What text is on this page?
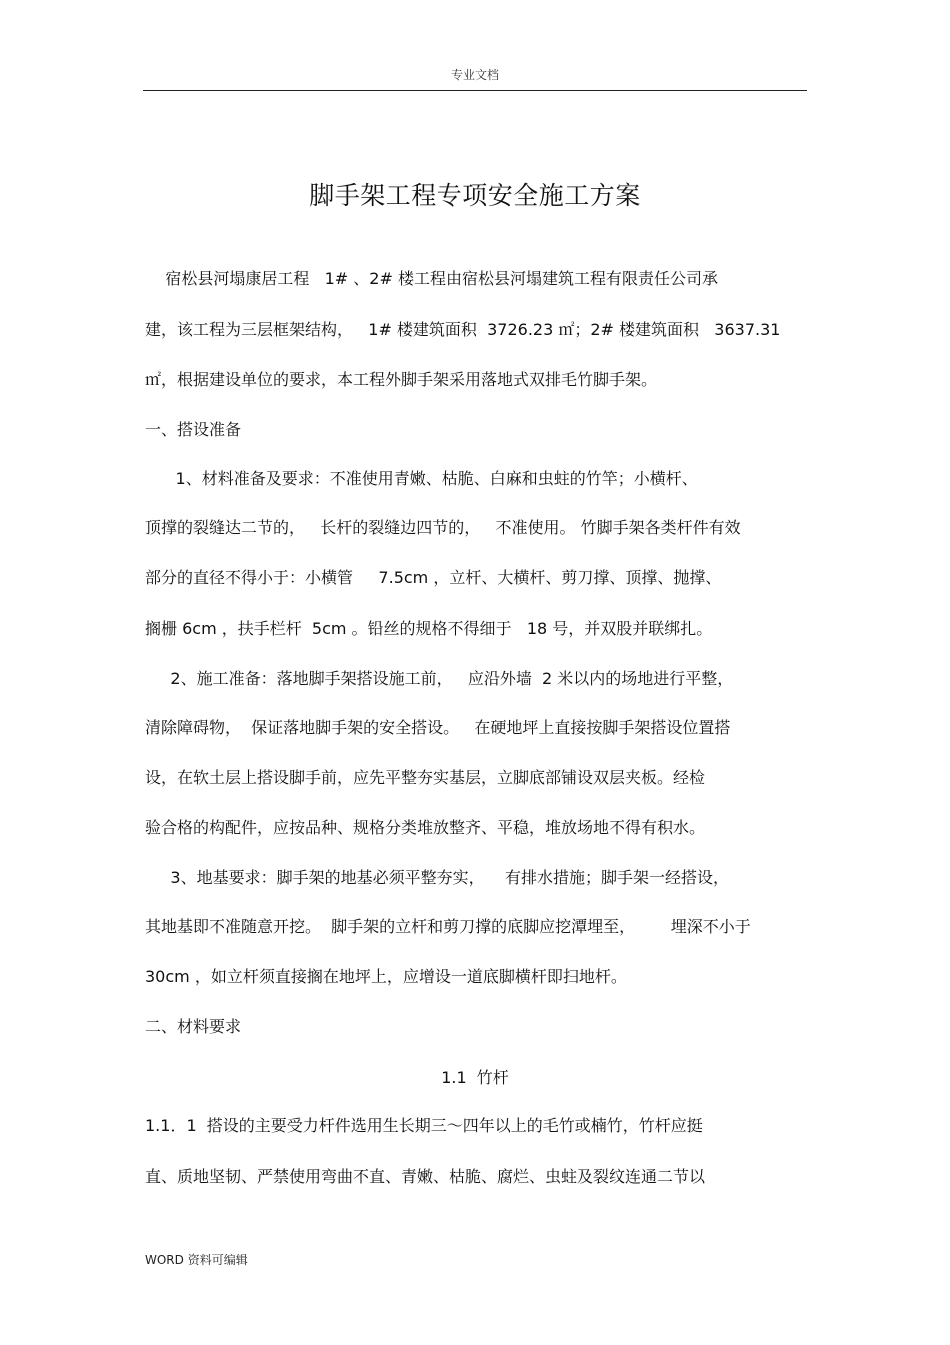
专业文档
脚手架工程专项安全施工方案
宿松县河塌康居工程   1# 、2# 楼工程由宿松县河塌建筑工程有限责任公司承
建，该工程为三层框架结构，   1# 楼建筑面积  3726.23 ㎡；2# 楼建筑面积   3637.31
㎡，根据建设单位的要求，本工程外脚手架采用落地式双排毛竹脚手架。
一、搭设准备
1、材料准备及要求：不准使用青嫩、枯脆、白麻和虫蛀的竹竿；小横杆、
顶撑的裂缝达二节的，   长杆的裂缝边四节的，   不准使用。 竹脚手架各类杆件有效
部分的直径不得小于：小横管     7.5cm ，立杆、大横杆、剪刀撑、顶撑、抛撑、
搁栅 6cm ，扶手栏杆  5cm 。铅丝的规格不得细于   18 号，并双股并联绑扎。
2、施工准备：落地脚手架搭设施工前，   应沿外墙  2 米以内的场地进行平整，
清除障碍物，  保证落地脚手架的安全搭设。   在硬地坪上直接按脚手架搭设位置搭
设，在软土层上搭设脚手前，应先平整夯实基层，立脚底部铺设双层夹板。经检
验合格的构配件，应按品种、规格分类堆放整齐、平稳，堆放场地不得有积水。
3、地基要求：脚手架的地基必须平整夯实，    有排水措施；脚手架一经搭设，
其地基即不准随意开挖。  脚手架的立杆和剪刀撑的底脚应挖潭埋至，       埋深不小于
30cm ，如立杆须直接搁在地坪上，应增设一道底脚横杆即扫地杆。
二、材料要求
1.1  竹杆
1.1．1  搭设的主要受力杆件选用生长期三～四年以上的毛竹或楠竹，竹杆应挺
直、质地坚韧、严禁使用弯曲不直、青嫩、枯脆、腐烂、虫蛀及裂纹连通二节以
WORD 资料可编辑
